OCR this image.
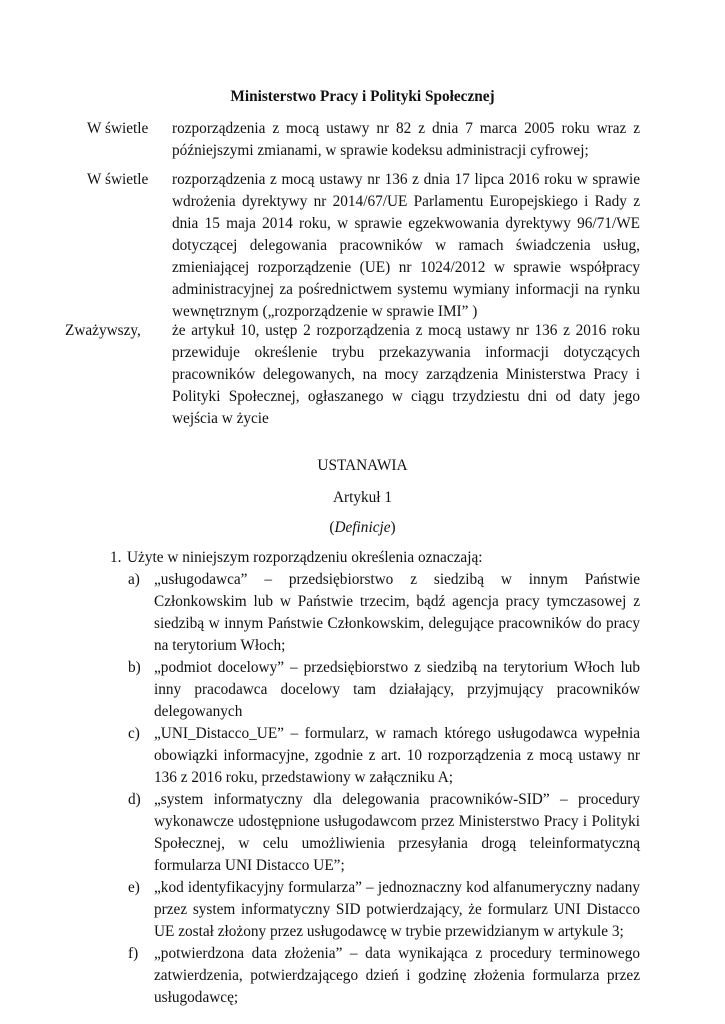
Ministerstwo Pracy i Polityki Społecznej
W świetle rozporządzenia z mocą ustawy nr 82 z dnia 7 marca 2005 roku wraz z późniejszymi zmianami, w sprawie kodeksu administracji cyfrowej;
W świetle rozporządzenia z mocą ustawy nr 136 z dnia 17 lipca 2016 roku w sprawie wdrożenia dyrektywy nr 2014/67/UE Parlamentu Europejskiego i Rady z dnia 15 maja 2014 roku, w sprawie egzekwowania dyrektywy 96/71/WE dotyczącej delegowania pracowników w ramach świadczenia usług, zmieniającej rozporządzenie (UE) nr 1024/2012 w sprawie współpracy administracyjnej za pośrednictwem systemu wymiany informacji na rynku wewnętrznym („rozporządzenie w sprawie IMI” )
Zważywszy, że artykuł 10, ustęp 2 rozporządzenia z mocą ustawy nr 136 z 2016 roku przewiduje określenie trybu przekazywania informacji dotyczących pracowników delegowanych, na mocy zarządzenia Ministerstwa Pracy i Polityki Społecznej, ogłaszanego w ciągu trzydziestu dni od daty jego wejścia w życie
USTANAWIA
Artykuł 1
(Definicje)
1. Użyte w niniejszym rozporządzeniu określenia oznaczają:
a) „usługodawca” – przedsiębiorstwo z siedzibą w innym Państwie Członkowskim lub w Państwie trzecim, bądź agencja pracy tymczasowej z siedzibą w innym Państwie Członkowskim, delegujące pracowników do pracy na terytorium Włoch;
b) „podmiot docelowy” – przedsiębiorstwo z siedzibą na terytorium Włoch lub inny pracodawca docelowy tam działający, przyjmujący pracowników delegowanych
c) „UNI_Distacco_UE” – formularz, w ramach którego usługodawca wypełnia obowiązki informacyjne, zgodnie z art. 10 rozporządzenia z mocą ustawy nr 136 z 2016 roku, przedstawiony w załączniku A;
d) „system informatyczny dla delegowania pracowników-SID” – procedury wykonawcze udostępnione usługodawcom przez Ministerstwo Pracy i Polityki Społecznej, w celu umożliwienia przesyłania drogą teleinformatyczną formularza UNI Distacco UE”;
e) „kod identyfikacyjny formularza” – jednoznaczny kod alfanumeryczny nadany przez system informatyczny SID potwierdzający, że formularz UNI Distacco UE został złożony przez usługodawcę w trybie przewidzianym w artykule 3;
f)	„potwierdzona data złożenia” – data wynikająca z procedury terminowego zatwierdzenia, potwierdzającego dzień i godzinę złożenia formularza przez usługodawcę;
